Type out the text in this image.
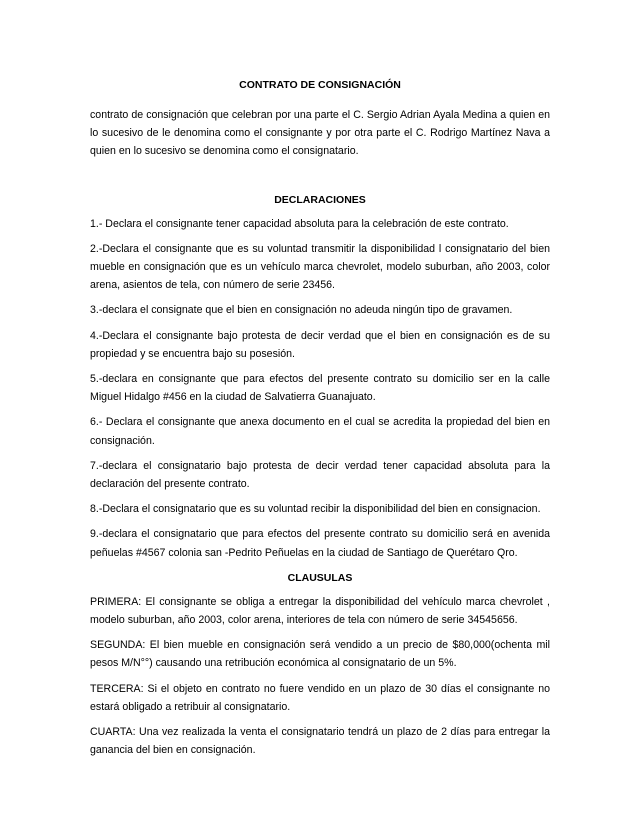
CONTRATO DE CONSIGNACIÓN

contrato de consignación que celebran por una parte el C. Sergio Adrian Ayala Medina a quien en lo sucesivo de le denomina como el consignante y por otra parte el C. Rodrigo Martínez Nava a quien en lo sucesivo se denomina como el consignatario.

DECLARACIONES

1.- Declara el consignante tener capacidad absoluta para la celebración de este contrato.

2.-Declara el consignante que es su voluntad transmitir la disponibilidad l consignatario del bien mueble en consignación que es un vehículo marca chevrolet, modelo suburban, año 2003, color arena, asientos de tela, con número de serie 23456.

3.-declara el consignate que el bien en consignación no adeuda ningún tipo de gravamen.

4.-Declara el consignante bajo protesta de decir verdad que el bien en consignación es de su propiedad y se encuentra bajo su posesión.

5.-declara en consignante que para efectos del presente contrato su domicilio ser en la calle Miguel Hidalgo #456 en la ciudad de Salvatierra Guanajuato.

6.- Declara el consignante que anexa documento en el cual se acredita la propiedad del bien en consignación.

7.-declara el consignatario bajo protesta de decir verdad tener capacidad absoluta para la declaración del presente contrato.

8.-Declara el consignatario que es su voluntad recibir la disponibilidad del bien en consignacion.

9.-declara el consignatario que para efectos del presente contrato su domicilio será en avenida peñuelas #4567 colonia san -Pedrito Peñuelas en la ciudad de Santiago de Querétaro Qro.

CLAUSULAS

PRIMERA: El consignante se obliga a entregar la disponibilidad del vehículo marca chevrolet , modelo suburban, año 2003, color arena, interiores de tela con número de serie 34545656.

SEGUNDA: El bien mueble en consignación será vendido a un precio de $80,000(ochenta mil pesos M/N°°) causando una retribución económica al consignatario de un 5%.

TERCERA: Si el objeto en contrato no fuere vendido en un plazo de 30 días el consignante no estará obligado a retribuir al consignatario.

CUARTA: Una vez realizada la venta el consignatario tendrá un plazo de 2 días para entregar la ganancia del bien en consignación.
